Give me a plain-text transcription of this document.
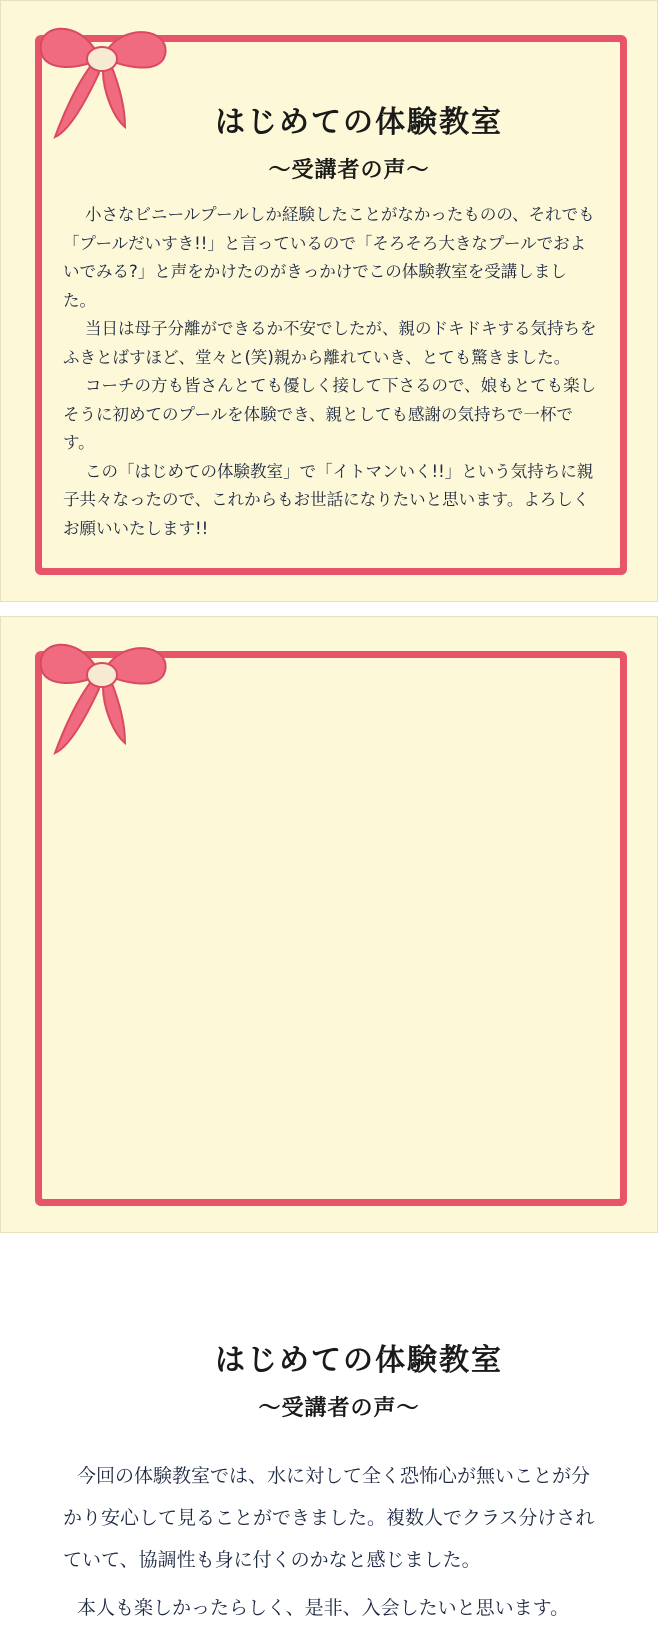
はじめての体験教室
〜受講者の声〜

小さなビニールプールしか経験したことがなかったものの、それでも「プールだいすき!!」と言っているので「そろそろ大きなプールでおよいでみる?」と声をかけたのがきっかけでこの体験教室を受講しました。

当日は母子分離ができるか不安でしたが、親のドキドキする気持ちをふきとばすほど、堂々と(笑)親から離れていき、とても驚きました。

コーチの方も皆さんとても優しく接して下さるので、娘もとても楽しそうに初めてのプールを体験でき、親としても感謝の気持ちで一杯です。

この「はじめての体験教室」で「イトマンいく!!」という気持ちに親子共々なったので、これからもお世話になりたいと思います。よろしくお願いいたします!!

はじめての体験教室
〜受講者の声〜

今回の体験教室では、水に対して全く恐怖心が無いことが分かり安心して見ることができました。複数人でクラス分けされていて、協調性も身に付くのかなと感じました。

本人も楽しかったらしく、是非、入会したいと思います。
